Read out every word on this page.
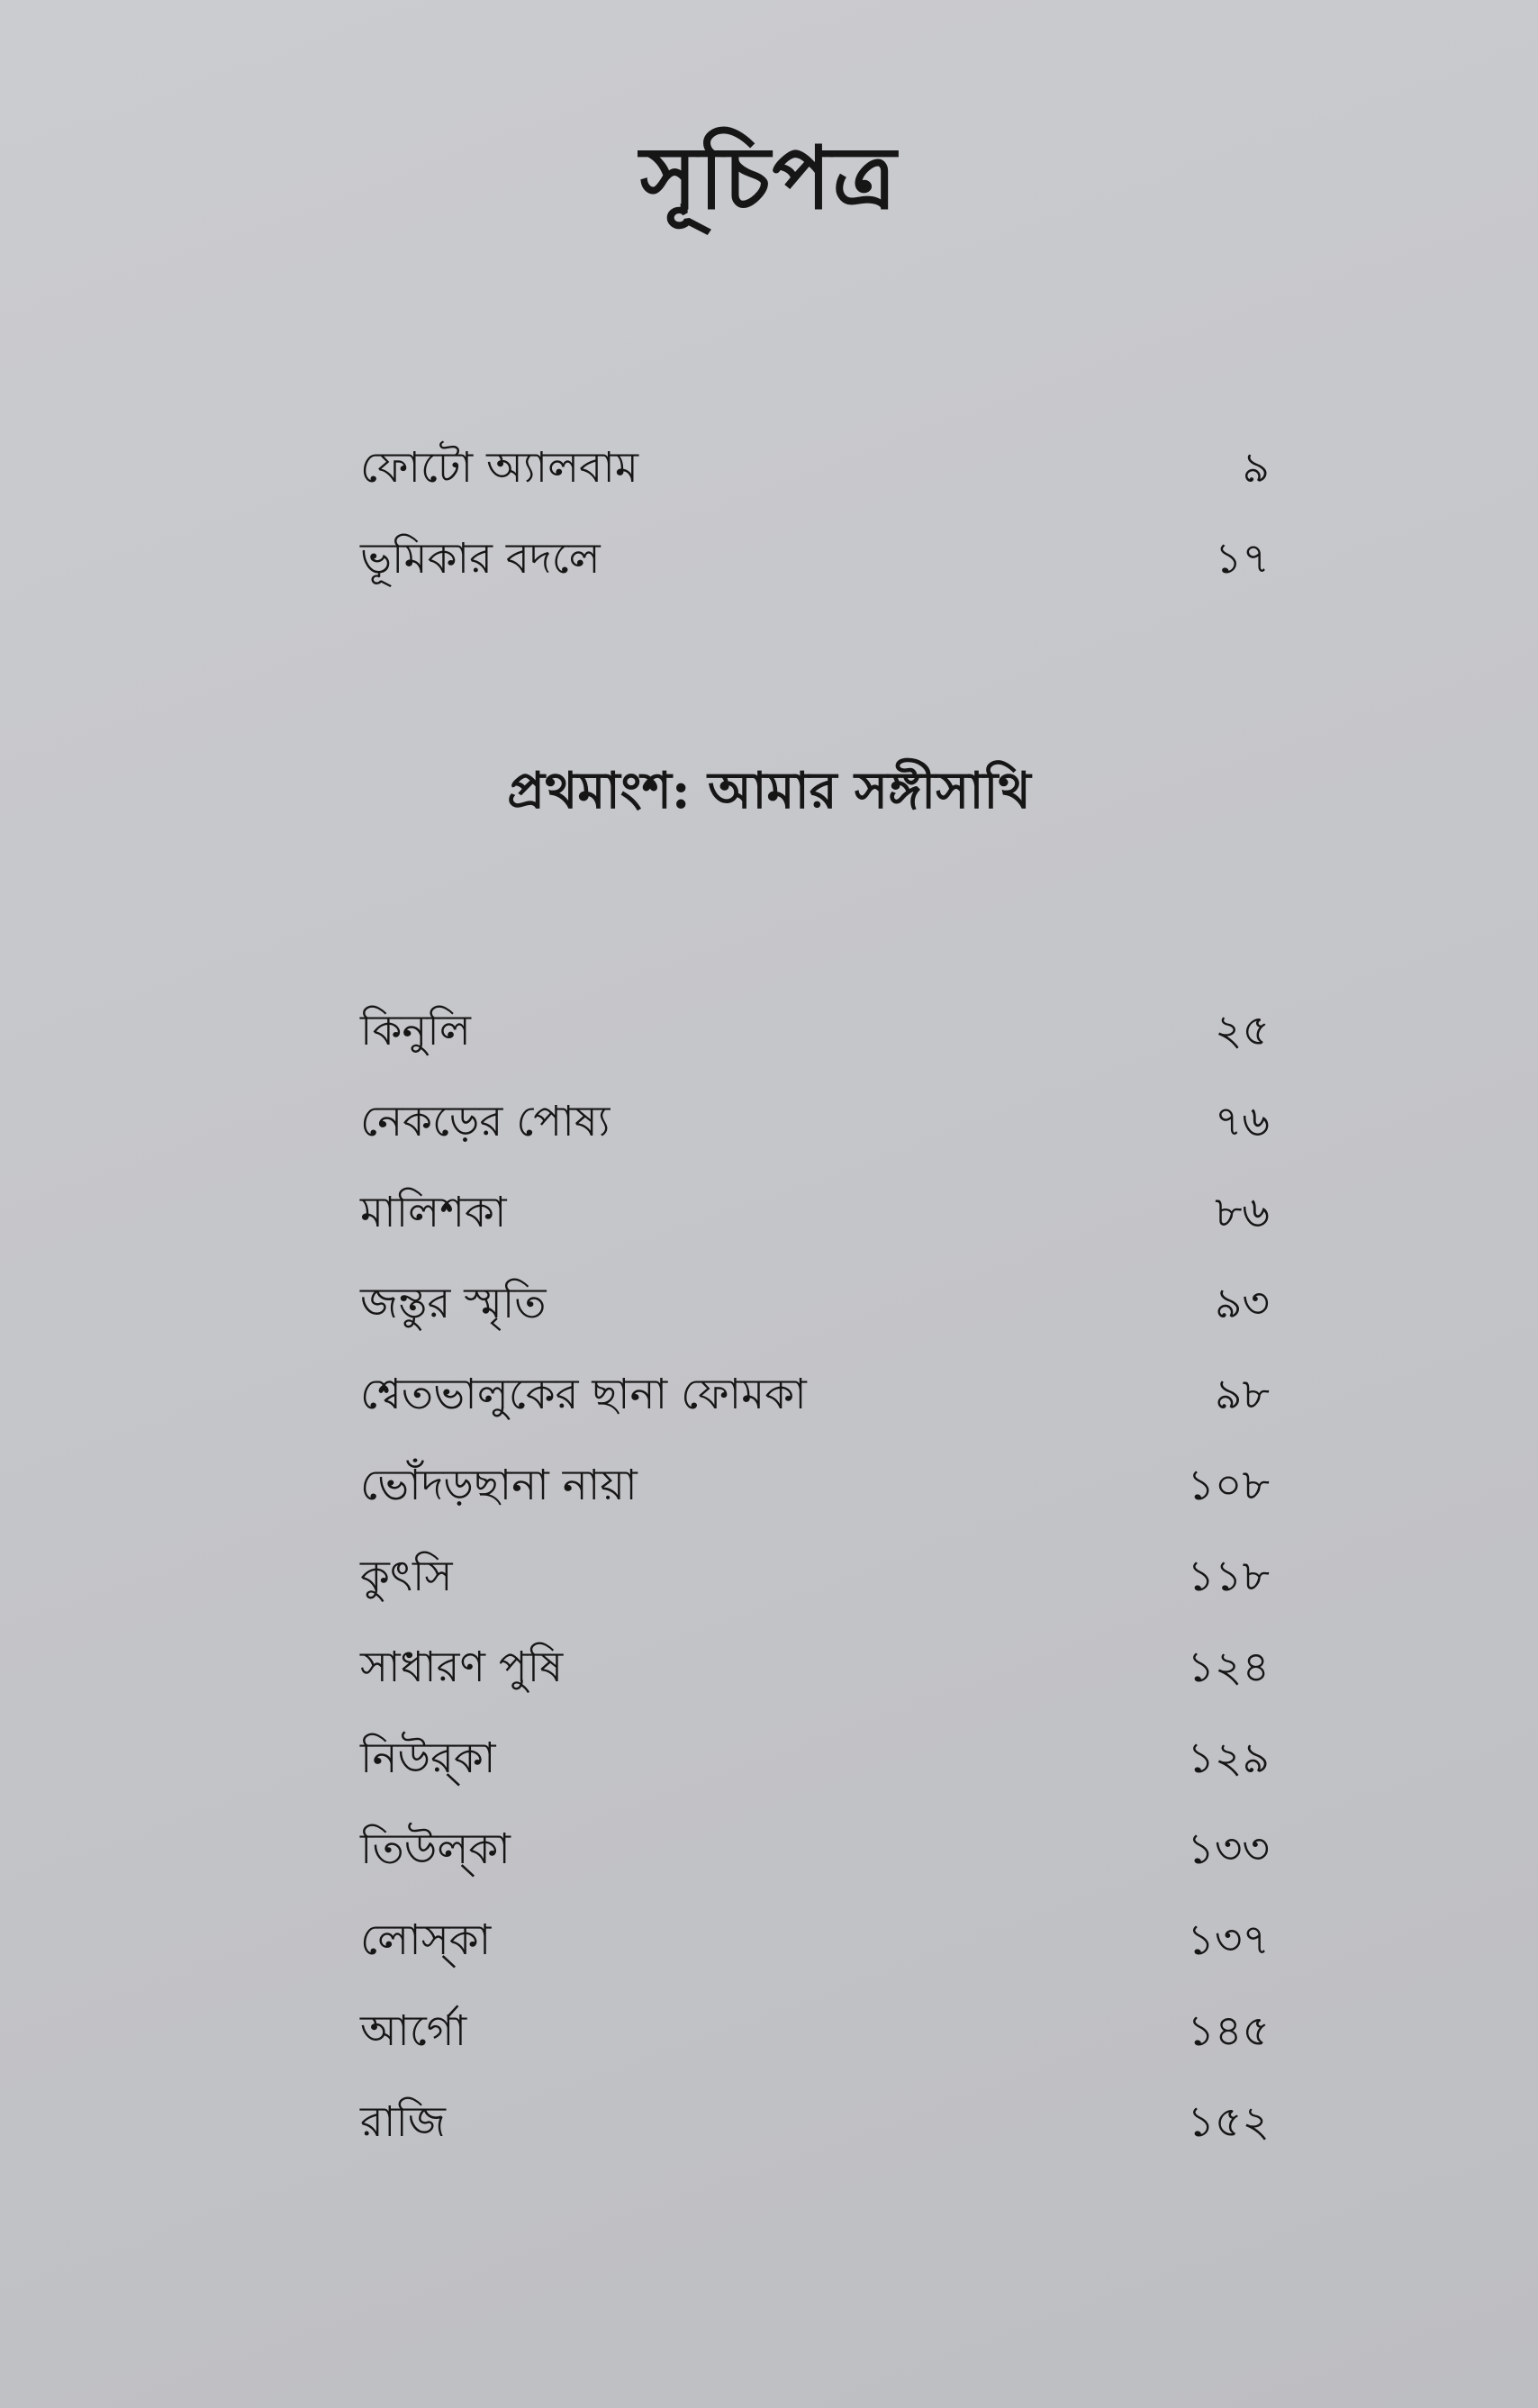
সূচিপত্র
ফোটো অ্যালবাম	৯
ভূমিকার বদলে	১৭
প্রথমাংশ: আমার সঙ্গীসাথি
কিনুলি	২৫
নেকড়ের পোষ্য	৭৬
মালিশকা	৮৬
জন্তুর স্মৃতি	৯৩
শ্বেতভালুকের ছানা ফোমকা	৯৮
ভোঁদড়ছানা নায়া	১০৮
কুৎসি	১১৮
সাধারণ পুষি	১২৪
নিউর্‌কা	১২৯
তিউল্‌কা	১৩৩
লোস্‌কা	১৩৭
আর্গো	১৪৫
রাজি	১৫২
